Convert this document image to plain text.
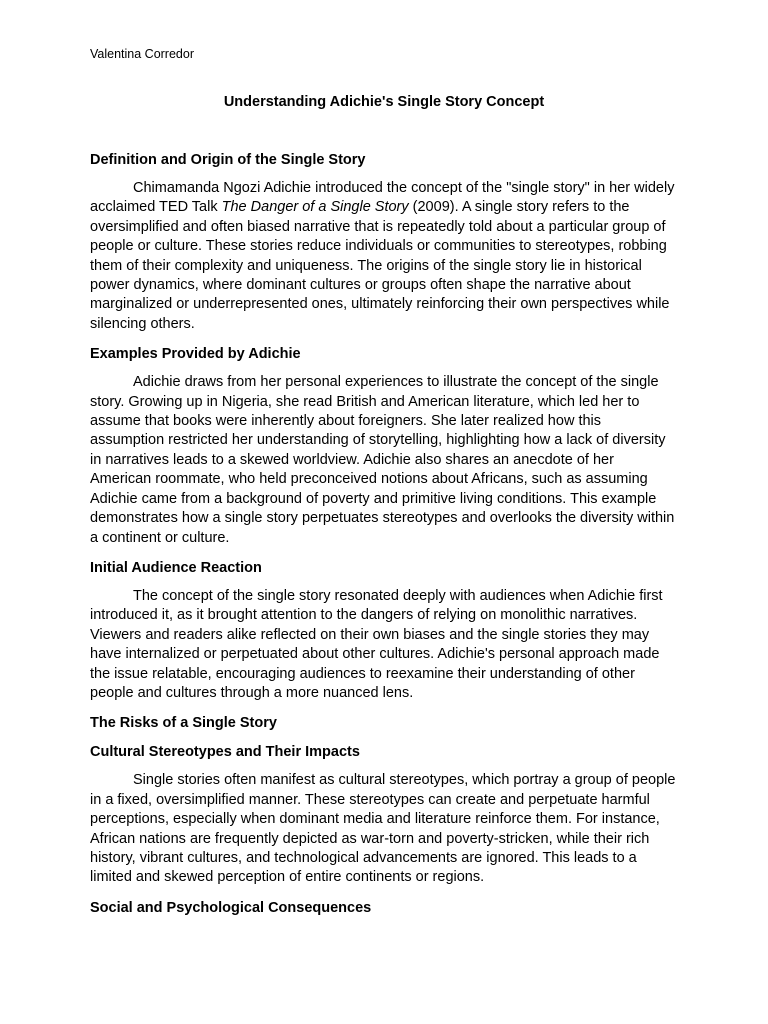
Valentina Corredor
Understanding Adichie's Single Story Concept
Definition and Origin of the Single Story

Chimamanda Ngozi Adichie introduced the concept of the "single story" in her widely acclaimed TED Talk The Danger of a Single Story (2009). A single story refers to the oversimplified and often biased narrative that is repeatedly told about a particular group of people or culture. These stories reduce individuals or communities to stereotypes, robbing them of their complexity and uniqueness. The origins of the single story lie in historical power dynamics, where dominant cultures or groups often shape the narrative about marginalized or underrepresented ones, ultimately reinforcing their own perspectives while silencing others.

Examples Provided by Adichie

Adichie draws from her personal experiences to illustrate the concept of the single story. Growing up in Nigeria, she read British and American literature, which led her to assume that books were inherently about foreigners. She later realized how this assumption restricted her understanding of storytelling, highlighting how a lack of diversity in narratives leads to a skewed worldview. Adichie also shares an anecdote of her American roommate, who held preconceived notions about Africans, such as assuming Adichie came from a background of poverty and primitive living conditions. This example demonstrates how a single story perpetuates stereotypes and overlooks the diversity within a continent or culture.

Initial Audience Reaction

The concept of the single story resonated deeply with audiences when Adichie first introduced it, as it brought attention to the dangers of relying on monolithic narratives. Viewers and readers alike reflected on their own biases and the single stories they may have internalized or perpetuated about other cultures. Adichie's personal approach made the issue relatable, encouraging audiences to reexamine their understanding of other people and cultures through a more nuanced lens.

The Risks of a Single Story
Cultural Stereotypes and Their Impacts

Single stories often manifest as cultural stereotypes, which portray a group of people in a fixed, oversimplified manner. These stereotypes can create and perpetuate harmful perceptions, especially when dominant media and literature reinforce them. For instance, African nations are frequently depicted as war-torn and poverty-stricken, while their rich history, vibrant cultures, and technological advancements are ignored. This leads to a limited and skewed perception of entire continents or regions.

Social and Psychological Consequences
